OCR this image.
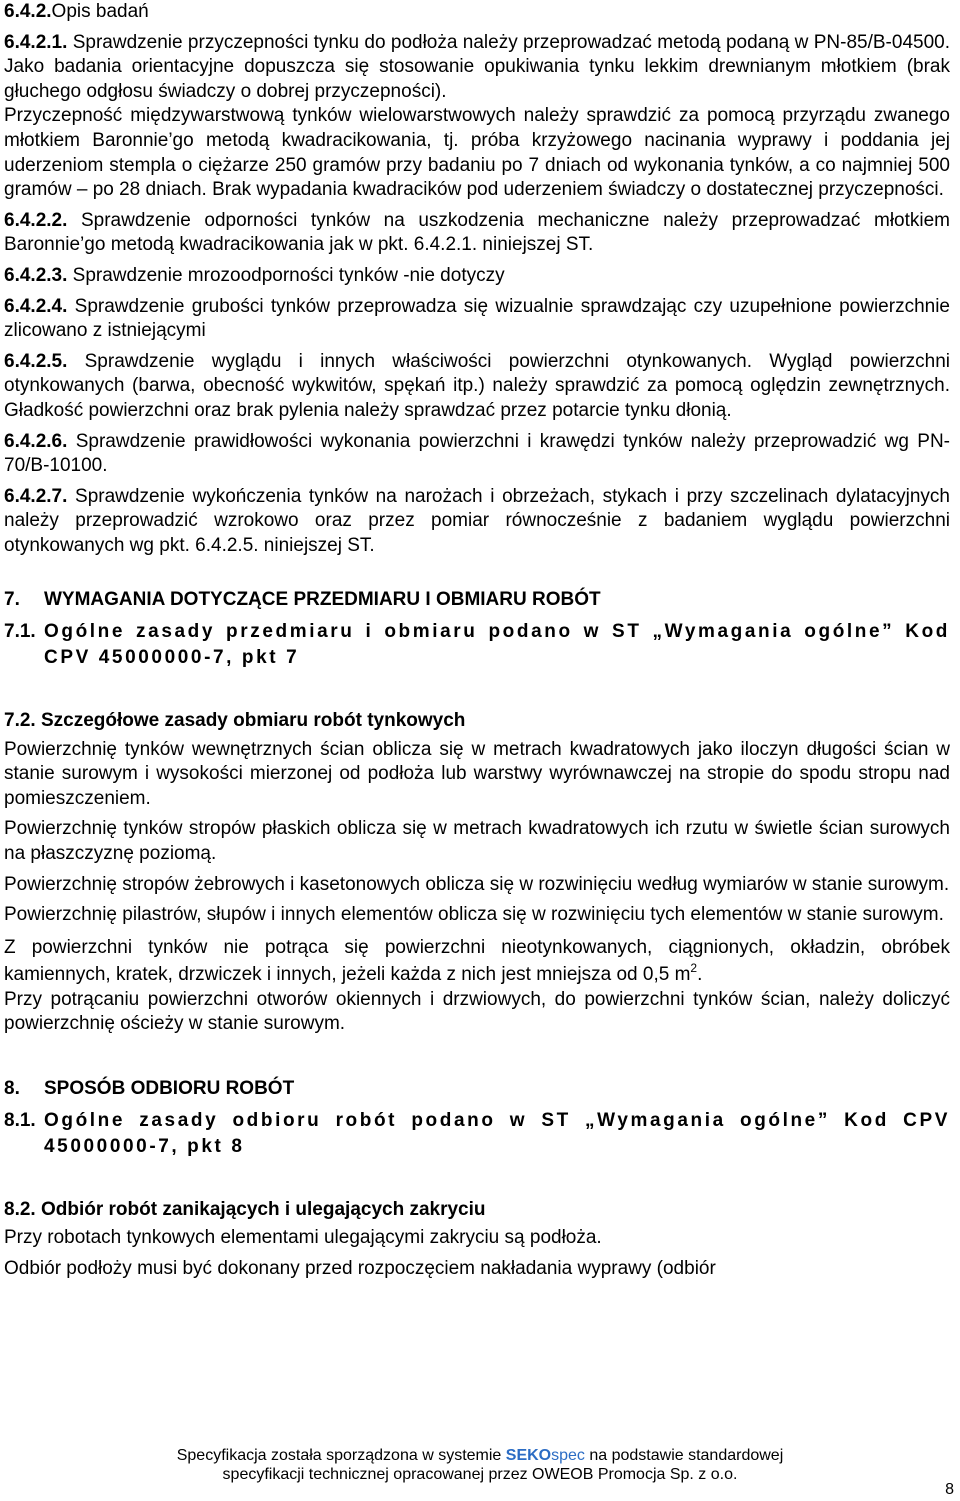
6.4.2.Opis badań

6.4.2.1. Sprawdzenie przyczepności tynku do podłoża należy przeprowadzać metodą podaną w PN-85/B-04500. Jako badania orientacyjne dopuszcza się stosowanie opukiwania tynku lekkim drewnianym młotkiem (brak głuchego odgłosu świadczy o dobrej przyczepności).

Przyczepność międzywarstwową tynków wielowarstwowych należy sprawdzić za pomocą przyrządu zwanego młotkiem Baronnie’go metodą kwadracikowania, tj. próba krzyżowego nacinania wyprawy i poddania jej uderzeniom stempla o ciężarze 250 gramów przy badaniu po 7 dniach od wykonania tynków, a co najmniej 500 gramów – po 28 dniach. Brak wypadania kwadracików pod uderzeniem świadczy o dostatecznej przyczepności.

6.4.2.2. Sprawdzenie odporności tynków na uszkodzenia mechaniczne należy przeprowadzać młotkiem Baronnie’go metodą kwadracikowania jak w pkt. 6.4.2.1. niniejszej ST.

6.4.2.3. Sprawdzenie mrozoodporności tynków -nie dotyczy

6.4.2.4. Sprawdzenie grubości tynków przeprowadza się wizualnie sprawdzając czy uzupełnione powierzchnie zlicowano z istniejącymi

6.4.2.5. Sprawdzenie wyglądu i innych właściwości powierzchni otynkowanych. Wygląd powierzchni otynkowanych (barwa, obecność wykwitów, spękań itp.) należy sprawdzić za pomocą oględzin zewnętrznych. Gładkość powierzchni oraz brak pylenia należy sprawdzać przez potarcie tynku dłonią.

6.4.2.6. Sprawdzenie prawidłowości wykonania powierzchni i krawędzi tynków należy przeprowadzić wg PN-70/B-10100.

6.4.2.7. Sprawdzenie wykończenia tynków na narożach i obrzeżach, stykach i przy szczelinach dylatacyjnych należy przeprowadzić wzrokowo oraz przez pomiar równocześnie z badaniem wyglądu powierzchni otynkowanych wg pkt. 6.4.2.5. niniejszej ST.

7.	WYMAGANIA DOTYCZĄCE PRZEDMIARU I OBMIARU ROBÓT
7.1. Ogólne zasady przedmiaru i obmiaru podano w ST „Wymagania ogólne” Kod CPV 45000000-7, pkt 7

7.2. Szczegółowe zasady obmiaru robót tynkowych

Powierzchnię tynków wewnętrznych ścian oblicza się w metrach kwadratowych jako iloczyn długości ścian w stanie surowym i wysokości mierzonej od podłoża lub warstwy wyrównawczej na stropie do spodu stropu nad pomieszczeniem.

Powierzchnię tynków stropów płaskich oblicza się w metrach kwadratowych ich rzutu w świetle ścian surowych na płaszczyznę poziomą.

Powierzchnię stropów żebrowych i kasetonowych oblicza się w rozwinięciu według wymiarów w stanie surowym.

Powierzchnię pilastrów, słupów i innych elementów oblicza się w rozwinięciu tych elementów w stanie surowym.

Z powierzchni tynków nie potrąca się powierzchni nieotynkowanych, ciągnionych, okładzin, obróbek kamiennych, kratek, drzwiczek i innych, jeżeli każda z nich jest mniejsza od 0,5 $m^2$.

Przy potrącaniu powierzchni otworów okiennych i drzwiowych, do powierzchni tynków ścian, należy doliczyć powierzchnię ościeży w stanie surowym.

8.	SPOSÓB ODBIORU ROBÓT
8.1. Ogólne zasady odbioru robót podano w ST „Wymagania ogólne” Kod CPV 45000000-7, pkt 8

8.2. Odbiór robót zanikających i ulegających zakryciu

Przy robotach tynkowych elementami ulegającymi zakryciu są podłoża.

Odbiór podłoży musi być dokonany przed rozpoczęciem nakładania wyprawy (odbiór

Specyfikacja została sporządzona w systemie SEKOspec na podstawie standardowej
specyfikacji technicznej opracowanej przez OWEOB Promocja Sp. z o.o.
8
